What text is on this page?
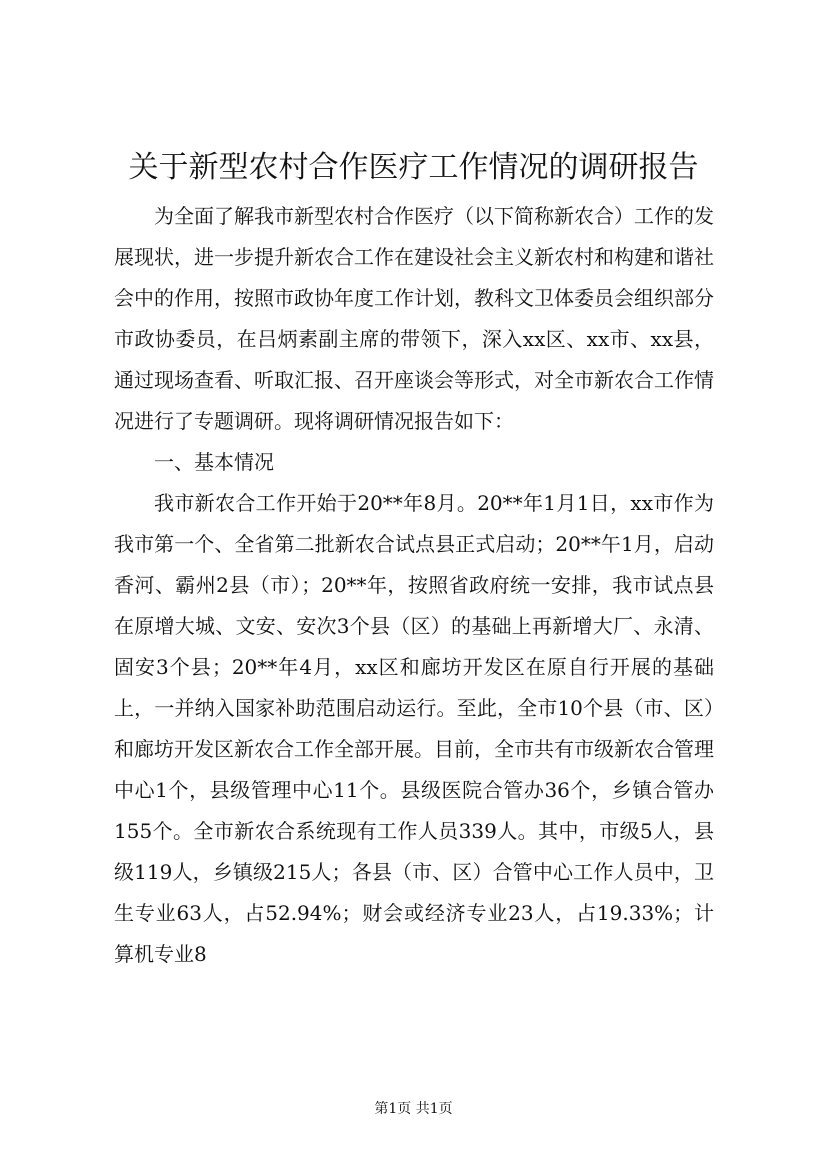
关于新型农村合作医疗工作情况的调研报告

为全面了解我市新型农村合作医疗（以下简称新农合）工作的发展现状，进一步提升新农合工作在建设社会主义新农村和构建和谐社会中的作用，按照市政协年度工作计划，教科文卫体委员会组织部分市政协委员，在吕炳素副主席的带领下，深入xx区、xx市、xx县，通过现场查看、听取汇报、召开座谈会等形式，对全市新农合工作情况进行了专题调研。现将调研情况报告如下：

一、基本情况

我市新农合工作开始于20**年8月。20**年1月1日，xx市作为我市第一个、全省第二批新农合试点县正式启动；20**午1月，启动香河、霸州2县（市）；20**年，按照省政府统一安排，我市试点县在原增大城、文安、安次3个县（区）的基础上再新增大厂、永清、固安3个县；20**年4月，xx区和廊坊开发区在原自行开展的基础上，一并纳入国家补助范围启动运行。至此，全市10个县（市、区）和廊坊开发区新农合工作全部开展。目前，全市共有市级新农合管理中心1个，县级管理中心11个。县级医院合管办36个，乡镇合管办155个。全市新农合系统现有工作人员339人。其中，市级5人，县级119人，乡镇级215人；各县（市、区）合管中心工作人员中，卫生专业63人，占52.94%；财会或经济专业23人，占19.33%；计算机专业8

第1页 共1页
